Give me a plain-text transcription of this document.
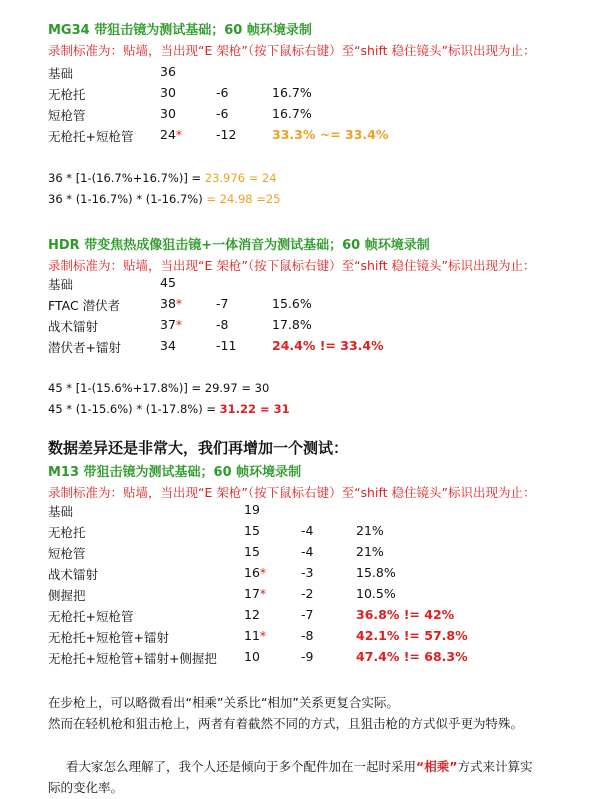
MG34 带狙击镜为测试基础；60 帧环境录制
录制标准为：贴墙，当出现“E 架枪”（按下鼠标右键）至“shift 稳住镜头”标识出现为止：
基础	36
无枪托	30	-6	16.7%
短枪管	30	-6	16.7%
无枪托+短枪管 24*	-12	33.3% ~= 33.4%
36 * [1-(16.7%+16.7%)] = 23.976 = 24
36 * (1-16.7%) * (1-16.7%) = 24.98 =25
HDR 带变焦热成像狙击镜+一体消音为测试基础；60 帧环境录制
录制标准为：贴墙，当出现“E 架枪”（按下鼠标右键）至“shift 稳住镜头”标识出现为止：
基础	45
FTAC 潜伏者	38*	-7	15.6%
战术镭射	37*	-8	17.8%
潜伏者+镭射	34	-11	24.4% != 33.4%
45 * [1-(15.6%+17.8%)] = 29.97 = 30
45 * (1-15.6%) * (1-17.8%) = 31.22 = 31
数据差异还是非常大，我们再增加一个测试：
M13 带狙击镜为测试基础；60 帧环境录制
录制标准为：贴墙，当出现“E 架枪”（按下鼠标右键）至“shift 稳住镜头”标识出现为止：
基础	19
无枪托	15	-4	21%
短枪管	15	-4	21%
战术镭射	16*	-3	15.8%
侧握把	17*	-2	10.5%
无枪托+短枪管	12	-7	36.8% != 42%
无枪托+短枪管+镭射	11*	-8	42.1% != 57.8%
无枪托+短枪管+镭射+侧握把 10	-9	47.4% != 68.3%
在步枪上，可以略微看出“相乘”关系比“相加”关系更复合实际。
然而在轻机枪和狙击枪上，两者有着截然不同的方式，且狙击枪的方式似乎更为特殊。
看大家怎么理解了，我个人还是倾向于多个配件加在一起时采用“相乘”方式来计算实
际的变化率。
